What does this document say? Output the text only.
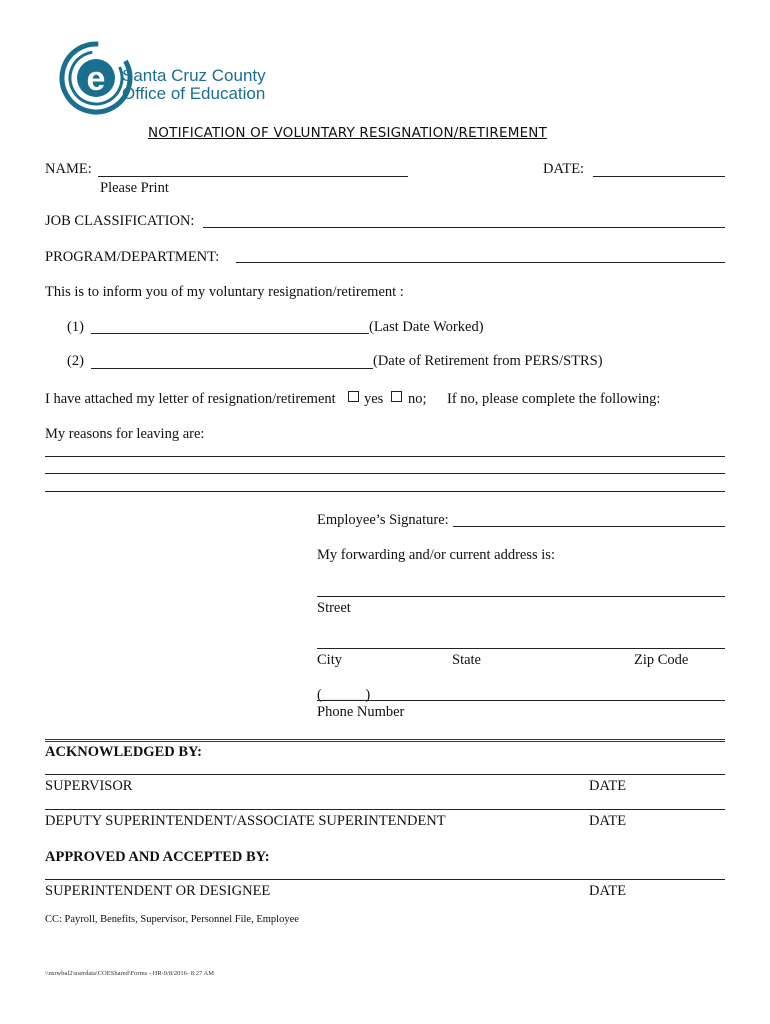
e Santa Cruz County
Office of Education
NOTIFICATION OF VOLUNTARY RESIGNATION/RETIREMENT
NAME:
Please Print
DATE:
JOB CLASSIFICATION:
PROGRAM/DEPARTMENT:
This is to inform you of my voluntary resignation/retirement :
(1)	(Last Date Worked)
(2)	(Date of Retirement from PERS/STRS)
I have attached my letter of resignation/retirement yes no; If no, please complete the following:
My reasons for leaving are:
Employee’s Signature:
My forwarding and/or current address is:
Street
City	State	Zip Code
(______)
Phone Number
ACKNOWLEDGED BY:
SUPERVISOR	DATE
DEPUTY SUPERINTENDENT/ASSOCIATE SUPERINTENDENT	DATE
APPROVED AND ACCEPTED BY:
SUPERINTENDENT OR DESIGNEE	DATE
CC: Payroll, Benefits, Supervisor, Personnel File, Employee
\\nsrwbal2\userdata\COEShared\Forms - HR-9/8/2016- 8:27 AM
